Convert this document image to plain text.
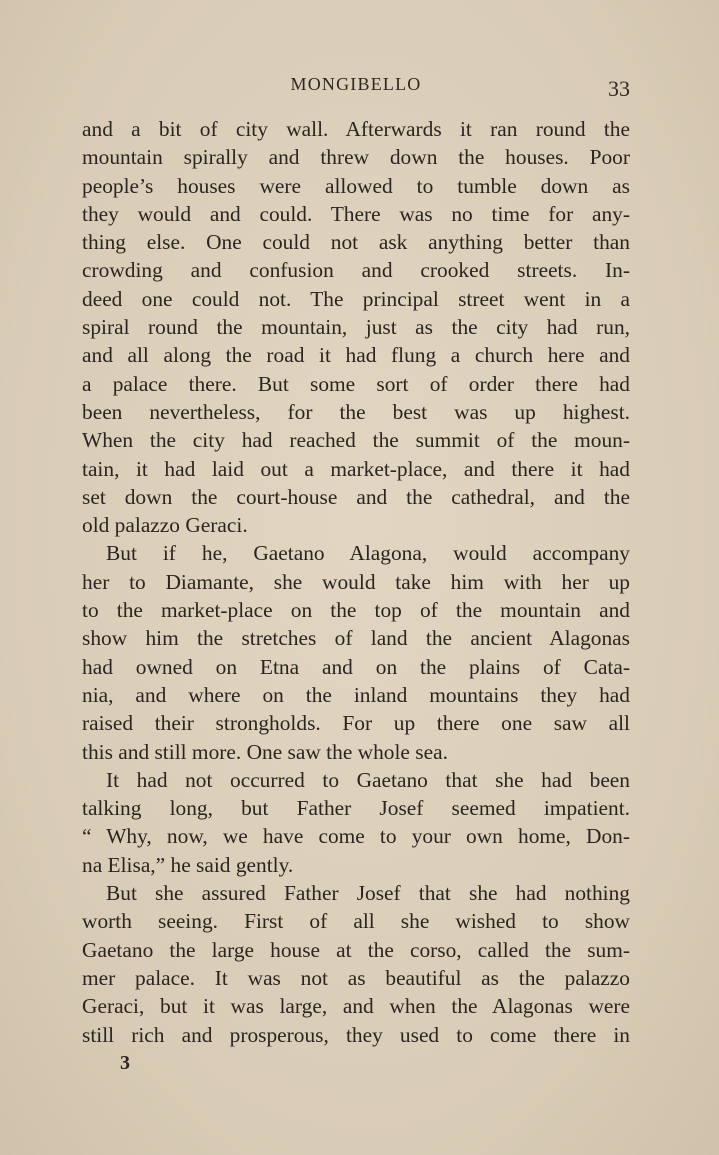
MONGIBELLO	33
and a bit of city wall. Afterwards it ran round the
mountain spirally and threw down the houses. Poor
people’s houses were allowed to tumble down as
they would and could. There was no time for any-
thing else. One could not ask anything better than
crowding and confusion and crooked streets. In-
deed one could not. The principal street went in a
spiral round the mountain, just as the city had run,
and all along the road it had flung a church here and
a palace there. But some sort of order there had
been nevertheless, for the best was up highest.
When the city had reached the summit of the moun-
tain, it had laid out a market-place, and there it had
set down the court-house and the cathedral, and the
old palazzo Geraci.
But if he, Gaetano Alagona, would accompany
her to Diamante, she would take him with her up
to the market-place on the top of the mountain and
show him the stretches of land the ancient Alagonas
had owned on Etna and on the plains of Cata-
nia, and where on the inland mountains they had
raised their strongholds. For up there one saw all
this and still more. One saw the whole sea.
It had not occurred to Gaetano that she had been
talking long, but Father Josef seemed impatient.
“ Why, now, we have come to your own home, Don-
na Elisa,” he said gently.
But she assured Father Josef that she had nothing
worth seeing. First of all she wished to show
Gaetano the large house at the corso, called the sum-
mer palace. It was not as beautiful as the palazzo
Geraci, but it was large, and when the Alagonas were
still rich and prosperous, they used to come there in
3
